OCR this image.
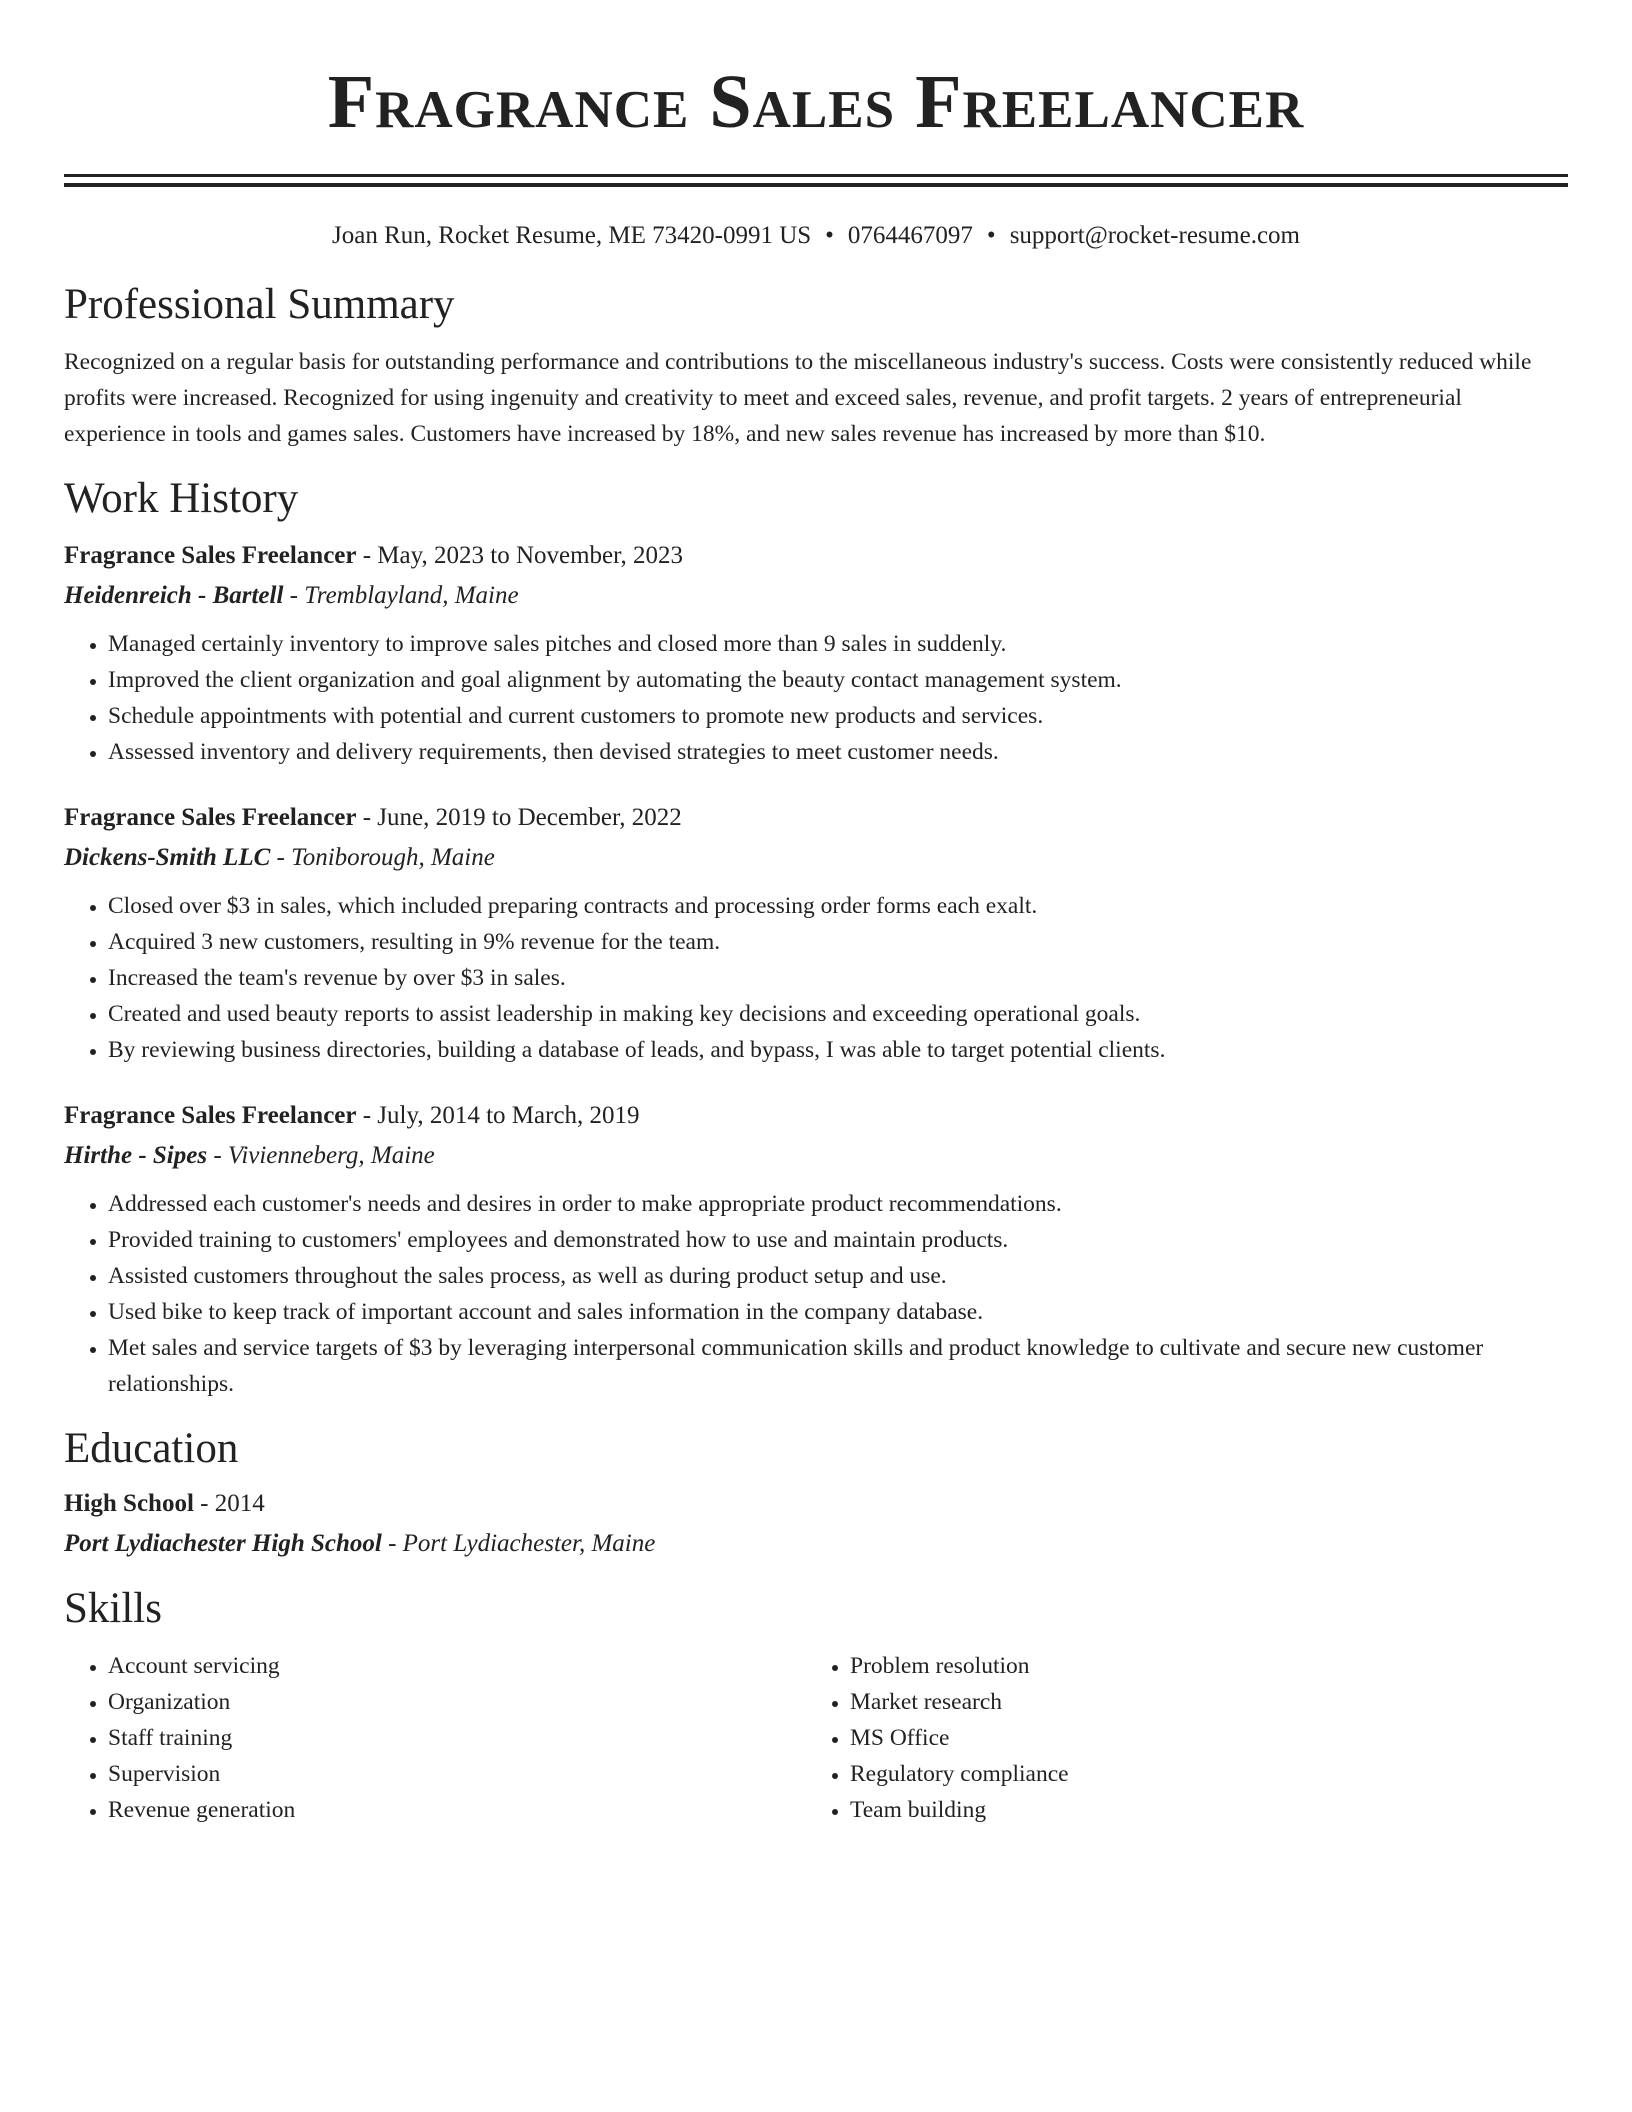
Fragrance Sales Freelancer
Joan Run, Rocket Resume, ME 73420-0991 US • 0764467097 • support@rocket-resume.com
Professional Summary

Recognized on a regular basis for outstanding performance and contributions to the miscellaneous industry's success. Costs were consistently reduced while profits were increased. Recognized for using ingenuity and creativity to meet and exceed sales, revenue, and profit targets. 2 years of entrepreneurial experience in tools and games sales. Customers have increased by 18%, and new sales revenue has increased by more than $10.

Work History

Fragrance Sales Freelancer - May, 2023 to November, 2023

Heidenreich - Bartell - Tremblayland, Maine

• Managed certainly inventory to improve sales pitches and closed more than 9 sales in suddenly.
• Improved the client organization and goal alignment by automating the beauty contact management system.
• Schedule appointments with potential and current customers to promote new products and services.
• Assessed inventory and delivery requirements, then devised strategies to meet customer needs.

Fragrance Sales Freelancer - June, 2019 to December, 2022

Dickens-Smith LLC - Toniborough, Maine

• Closed over $3 in sales, which included preparing contracts and processing order forms each exalt.
• Acquired 3 new customers, resulting in 9% revenue for the team.
• Increased the team's revenue by over $3 in sales.
• Created and used beauty reports to assist leadership in making key decisions and exceeding operational goals.
• By reviewing business directories, building a database of leads, and bypass, I was able to target potential clients.

Fragrance Sales Freelancer - July, 2014 to March, 2019

Hirthe - Sipes - Vivienneberg, Maine

• Addressed each customer's needs and desires in order to make appropriate product recommendations.
• Provided training to customers' employees and demonstrated how to use and maintain products.
• Assisted customers throughout the sales process, as well as during product setup and use.
• Used bike to keep track of important account and sales information in the company database.
• Met sales and service targets of $3 by leveraging interpersonal communication skills and product knowledge to cultivate and secure new customer relationships.
Education

High School - 2014

Port Lydiachester High School - Port Lydiachester, Maine

Skills
• Account servicing
• Organization
• Staff training
• Supervision
• Revenue generation
• Problem resolution
• Market research
• MS Office
• Regulatory compliance
• Team building
